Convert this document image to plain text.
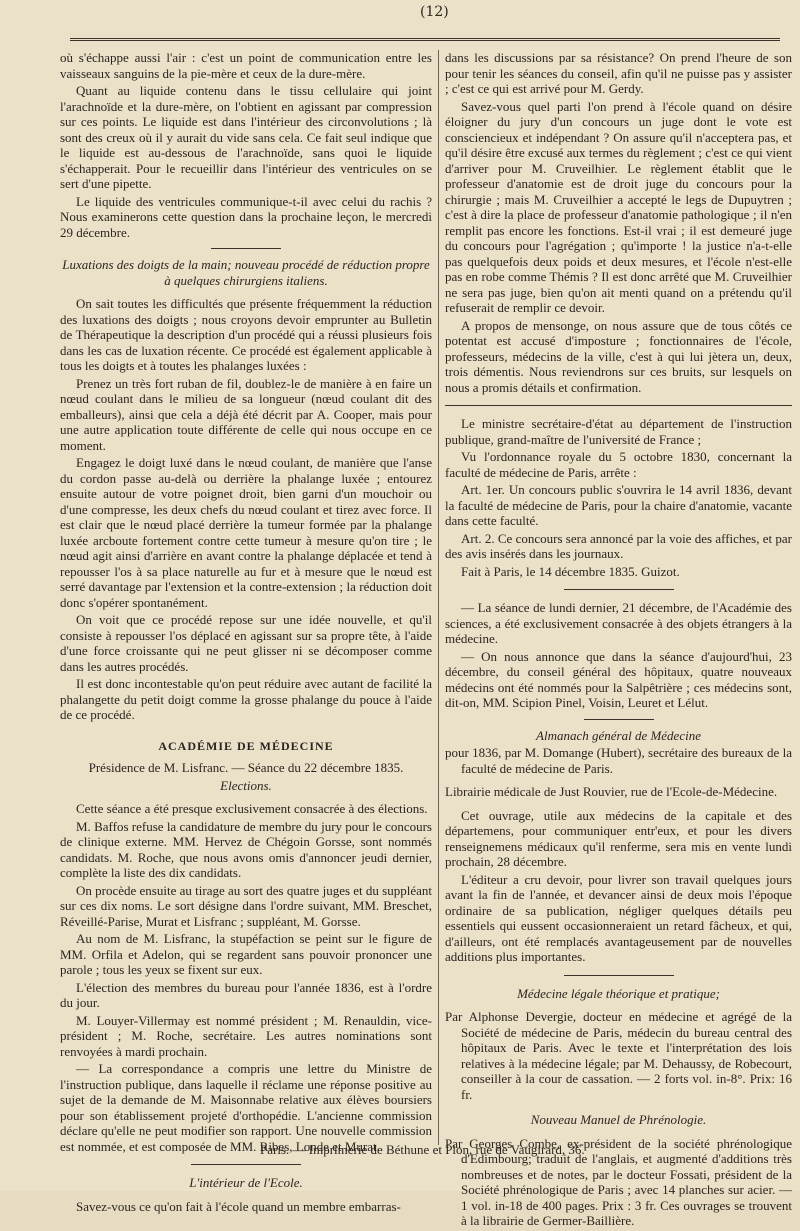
(12)

où s'échappe aussi l'air : c'est un point de communication entre les vaisseaux sanguins de la pie-mère et ceux de la dure-mère.

Quant au liquide contenu dans le tissu cellulaire qui joint l'arachnoïde et la dure-mère, on l'obtient en agissant par compression sur ces points. Le liquide est dans l'intérieur des circonvolutions ; là sont des creux où il y aurait du vide sans cela. Ce fait seul indique que le liquide est au-dessous de l'arachnoïde, sans quoi le liquide s'échapperait. Pour le recueillir dans l'intérieur des ventricules on se sert d'une pipette.

Le liquide des ventricules communique-t-il avec celui du rachis ? Nous examinerons cette question dans la prochaine leçon, le mercredi 29 décembre.

Luxations des doigts de la main; nouveau procédé de réduction propre à quelques chirurgiens italiens.

On sait toutes les difficultés que présente fréquemment la réduction des luxations des doigts ; nous croyons devoir emprunter au Bulletin de Thérapeutique la description d'un procédé qui a réussi plusieurs fois dans les cas de luxation récente. Ce procédé est également applicable à tous les doigts et à toutes les phalanges luxées :

Prenez un très fort ruban de fil, doublez-le de manière à en faire un nœud coulant dans le milieu de sa longueur (nœud coulant dit des emballeurs), ainsi que cela a déjà été décrit par A. Cooper, mais pour une autre application toute différente de celle qui nous occupe en ce moment.

Engagez le doigt luxé dans le nœud coulant, de manière que l'anse du cordon passe au-delà ou derrière la phalange luxée ; entourez ensuite autour de votre poignet droit, bien garni d'un mouchoir ou d'une compresse, les deux chefs du nœud coulant et tirez avec force. Il est clair que le nœud placé derrière la tumeur formée par la phalange luxée arcboute fortement contre cette tumeur à mesure qu'on tire ; le nœud agit ainsi d'arrière en avant contre la phalange déplacée et tend à repousser l'os à sa place naturelle au fur et à mesure que le nœud est serré davantage par l'extension et la contre-extension ; la réduction doit donc s'opérer spontanément.

On voit que ce procédé repose sur une idée nouvelle, et qu'il consiste à repousser l'os déplacé en agissant sur sa propre tête, à l'aide d'une force croissante qui ne peut glisser ni se décomposer comme dans les autres procédés.

Il est donc incontestable qu'on peut réduire avec autant de facilité la phalangette du petit doigt comme la grosse phalange du pouce à l'aide de ce procédé.

ACADÉMIE DE MÉDECINE

Présidence de M. Lisfranc. — Séance du 22 décembre 1835.

Elections.

Cette séance a été presque exclusivement consacrée à des élections.

M. Baffos refuse la candidature de membre du jury pour le concours de clinique externe. MM. Hervez de Chégoin Gorsse, sont nommés candidats. M. Roche, que nous avons omis d'annoncer jeudi dernier, complète la liste des dix candidats.

On procède ensuite au tirage au sort des quatre juges et du suppléant sur ces dix noms. Le sort désigne dans l'ordre suivant, MM. Breschet, Réveillé-Parise, Murat et Lisfranc ; suppléant, M. Gorsse.

Au nom de M. Lisfranc, la stupéfaction se peint sur le figure de MM. Orfila et Adelon, qui se regardent sans pouvoir prononcer une parole ; tous les yeux se fixent sur eux.

L'élection des membres du bureau pour l'année 1836, est à l'ordre du jour.

M. Louyer-Villermay est nommé président ; M. Renauldin, vice-président ; M. Roche, secrétaire. Les autres nominations sont renvoyées à mardi prochain.

— La correspondance a compris une lettre du Ministre de l'instruction publique, dans laquelle il réclame une réponse positive au sujet de la demande de M. Maisonnabe relative aux élèves boursiers pour son établissement projeté d'orthopédie. L'ancienne commission déclare qu'elle ne peut modifier son rapport. Une nouvelle commission est nommée, et est composée de MM. Ribes, Londe et Murat.

L'intérieur de l'Ecole.

Savez-vous ce qu'on fait à l'école quand un membre embarras-

dans les discussions par sa résistance? On prend l'heure de son pour tenir les séances du conseil, afin qu'il ne puisse pas y assister ; c'est ce qui est arrivé pour M. Gerdy.

Savez-vous quel parti l'on prend à l'école quand on désire éloigner du jury d'un concours un juge dont le vote est consciencieux et indépendant ? On assure qu'il n'acceptera pas, et qu'il désire être excusé aux termes du règlement ; c'est ce qui vient d'arriver pour M. Cruveilhier. Le règlement établit que le professeur d'anatomie est de droit juge du concours pour la chirurgie ; mais M. Cruveilhier a accepté le legs de Dupuytren ; c'est à dire la place de professeur d'anatomie pathologique ; il n'en remplit pas encore les fonctions. Est-il vrai ; il est demeuré juge du concours pour l'agrégation ; qu'importe ! la justice n'a-t-elle pas quelquefois deux poids et deux mesures, et l'école n'est-elle pas en robe comme Thémis ? Il est donc arrêté que M. Cruveilhier ne sera pas juge, bien qu'on ait menti quand on a prétendu qu'il refuserait de remplir ce devoir.

A propos de mensonge, on nous assure que de tous côtés ce potentat est accusé d'imposture ; fonctionnaires de l'école, professeurs, médecins de la ville, c'est à qui lui jètera un, deux, trois démentis. Nous reviendrons sur ces bruits, sur lesquels on nous a promis détails et confirmation.

Le ministre secrétaire-d'état au département de l'instruction publique, grand-maître de l'université de France ;

Vu l'ordonnance royale du 5 octobre 1830, concernant la faculté de médecine de Paris, arrête :

Art. 1er. Un concours public s'ouvrira le 14 avril 1836, devant la faculté de médecine de Paris, pour la chaire d'anatomie, vacante dans cette faculté.

Art. 2. Ce concours sera annoncé par la voie des affiches, et par des avis insérés dans les journaux.

Fait à Paris, le 14 décembre 1835. Guizot.

— La séance de lundi dernier, 21 décembre, de l'Académie des sciences, a été exclusivement consacrée à des objets étrangers à la médecine.

— On nous annonce que dans la séance d'aujourd'hui, 23 décembre, du conseil général des hôpitaux, quatre nouveaux médecins ont été nommés pour la Salpêtrière ; ces médecins sont, dit-on, MM. Scipion Pinel, Voisin, Leuret et Lélut.

Almanach général de Médecine

pour 1836, par M. Domange (Hubert), secrétaire des bureaux de la faculté de médecine de Paris.

Librairie médicale de Just Rouvier, rue de l'Ecole-de-Médecine.

Cet ouvrage, utile aux médecins de la capitale et des départemens, pour communiquer entr'eux, et pour les divers renseignemens médicaux qu'il renferme, sera mis en vente lundi prochain, 28 décembre.

L'éditeur a cru devoir, pour livrer son travail quelques jours avant la fin de l'année, et devancer ainsi de deux mois l'époque ordinaire de sa publication, négliger quelques détails peu essentiels qui eussent occasionneraient un retard fâcheux, et qui, d'ailleurs, ont été remplacés avantageusement par de nouvelles additions plus importantes.

Médecine légale théorique et pratique;

Par Alphonse Devergie, docteur en médecine et agrégé de la Société de médecine de Paris, médecin du bureau central des hôpitaux de Paris. Avec le texte et l'interprétation des lois relatives à la médecine légale; par M. Dehaussy, de Robecourt, conseiller à la cour de cassation. — 2 forts vol. in-8°. Prix: 16 fr.

Nouveau Manuel de Phrénologie.

Par Georges Combe, ex-président de la société phrénologique d'Edimbourg; traduit de l'anglais, et augmenté d'additions très nombreuses et de notes, par le docteur Fossati, président de la Société phrénologique de Paris ; avec 14 planches sur acier. — 1 vol. in-18 de 400 pages. Prix : 3 fr. Ces ouvrages se trouvent à la librairie de Germer-Baillière.

Paris. — Imprimerie de Béthune et Plon, rue de Vaugirard, 36.
